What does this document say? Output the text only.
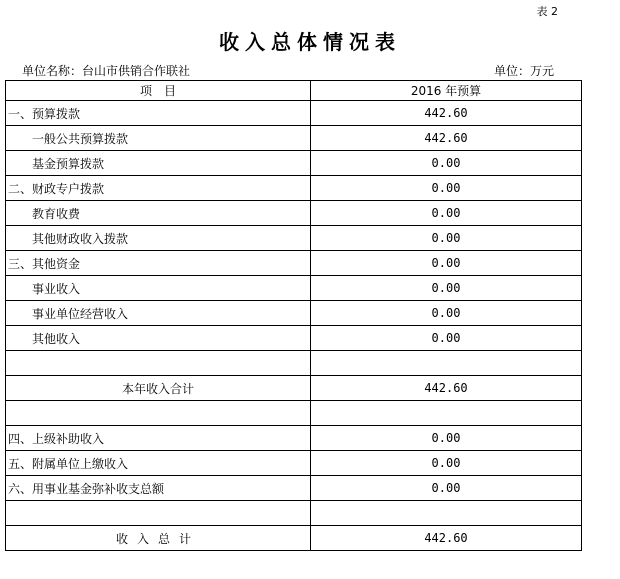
表 2
收入总体情况表
单位名称：台山市供销合作联社	单位：万元
项　目	2016 年预算
一、预算拨款	442.60
一般公共预算拨款	442.60
基金预算拨款	0.00
二、财政专户拨款	0.00
教育收费	0.00
其他财政收入拨款	0.00
三、其他资金	0.00
事业收入	0.00
事业单位经营收入	0.00
其他收入	0.00

本年收入合计	442.60

四、上级补助收入	0.00
五、附属单位上缴收入	0.00
六、用事业基金弥补收支总额	0.00

收入总计	442.60
